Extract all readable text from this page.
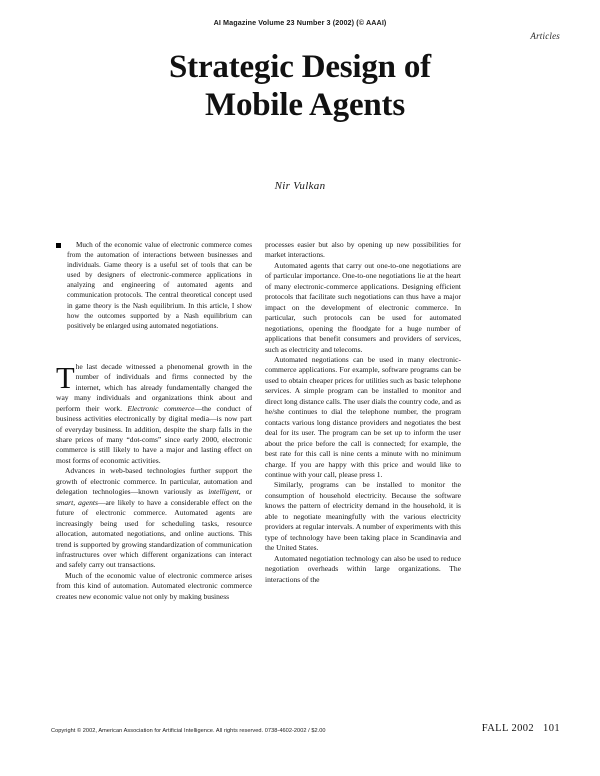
AI Magazine Volume 23 Number 3 (2002) (© AAAI)
Articles
Strategic Design of
Mobile Agents
Nir Vulkan

Much of the economic value of electronic commerce comes from the automation of interactions between businesses and individuals. Game theory is a useful set of tools that can be used by designers of electronic-commerce applications in analyzing and engineering of automated agents and communication protocols. The central theoretical concept used in game theory is the Nash equilibrium. In this article, I show how the outcomes supported by a Nash equilibrium can positively be enlarged using automated negotiations.

The last decade witnessed a phenomenal growth in the number of individuals and firms connected by the internet, which has already fundamentally changed the way many individuals and organizations think about and perform their work. Electronic commerce—the conduct of business activities electronically by digital media—is now part of everyday business. In addition, despite the sharp falls in the share prices of many “dot-coms” since early 2000, electronic commerce is still likely to have a major and lasting effect on most forms of economic activities.

Advances in web-based technologies further support the growth of electronic commerce. In particular, automation and delegation technologies—known variously as intelligent, or smart, agents—are likely to have a considerable effect on the future of electronic commerce. Automated agents are increasingly being used for scheduling tasks, resource allocation, automated negotiations, and online auctions. This trend is supported by growing standardization of communication infrastructures over which different organizations can interact and safely carry out transactions.

Much of the economic value of electronic commerce arises from this kind of automation. Automated electronic commerce creates new economic value not only by making business

processes easier but also by opening up new possibilities for market interactions.

Automated agents that carry out one-to-one negotiations are of particular importance. One-to-one negotiations lie at the heart of many electronic-commerce applications. Designing efficient protocols that facilitate such negotiations can thus have a major impact on the development of electronic commerce. In particular, such protocols can be used for automated negotiations, opening the floodgate for a huge number of applications that benefit consumers and providers of services, such as electricity and telecoms.

Automated negotiations can be used in many electronic-commerce applications. For example, software programs can be used to obtain cheaper prices for utilities such as basic telephone services. A simple program can be installed to monitor and direct long distance calls. The user dials the country code, and as he/she continues to dial the telephone number, the program contacts various long distance providers and negotiates the best deal for its user. The program can be set up to inform the user about the price before the call is connected; for example, the best rate for this call is nine cents a minute with no minimum charge. If you are happy with this price and would like to continue with your call, please press 1.

Similarly, programs can be installed to monitor the consumption of household electricity. Because the software knows the pattern of electricity demand in the household, it is able to negotiate meaningfully with the various electricity providers at regular intervals. A number of experiments with this type of technology have been taking place in Scandinavia and the United States.

Automated negotiation technology can also be used to reduce negotiation overheads within large organizations. The interactions of the

Copyright © 2002, American Association for Artificial Intelligence. All rights reserved. 0738-4602-2002 / $2.00	FALL 2002 101
